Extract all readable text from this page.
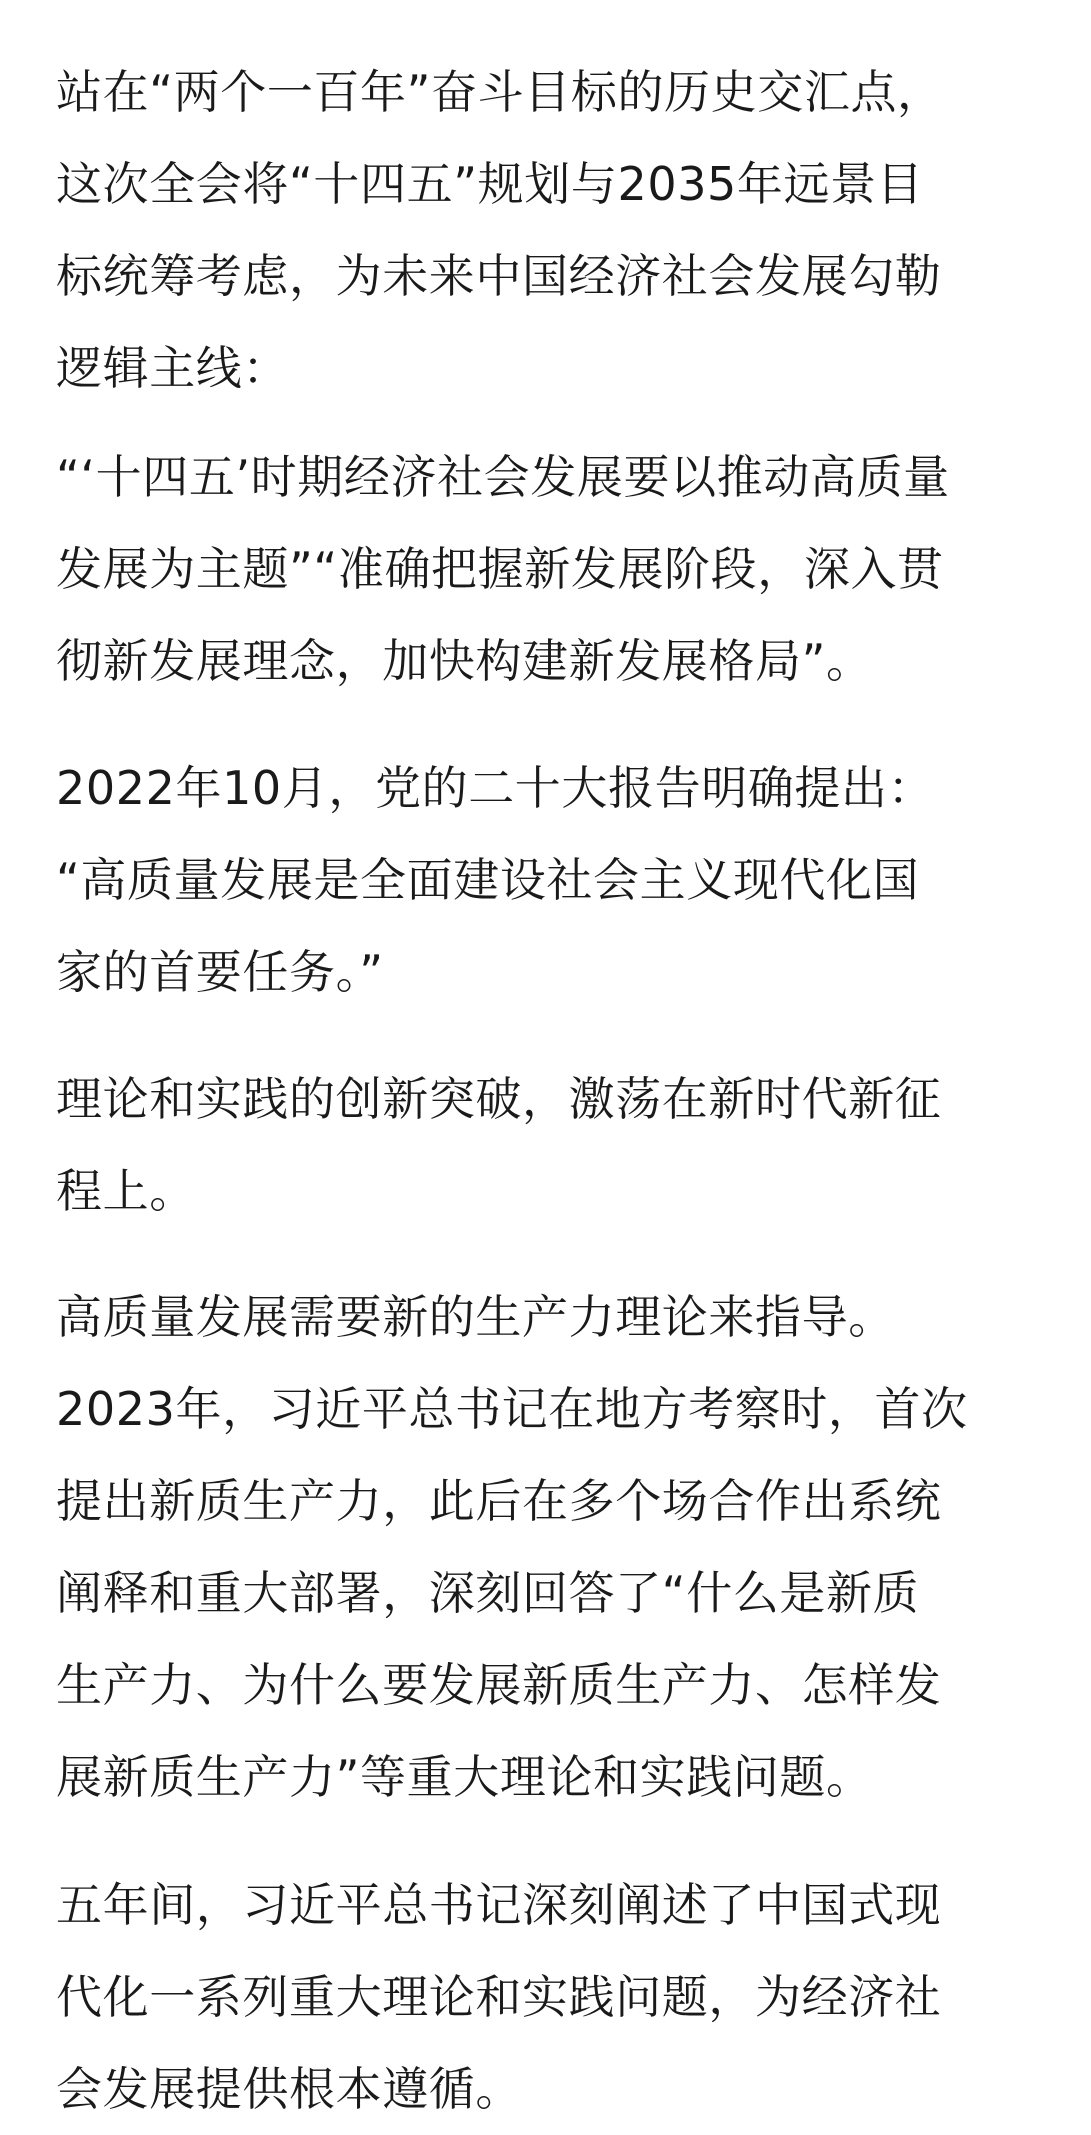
站在“两个一百年”奋斗目标的历史交汇点，
这次全会将“十四五”规划与2035年远景目
标统筹考虑，为未来中国经济社会发展勾勒
逻辑主线：
“‘十四五’时期经济社会发展要以推动高质量
发展为主题”“准确把握新发展阶段，深入贯
彻新发展理念，加快构建新发展格局”。
2022年10月，党的二十大报告明确提出：
“高质量发展是全面建设社会主义现代化国
家的首要任务。”
理论和实践的创新突破，激荡在新时代新征
程上。
高质量发展需要新的生产力理论来指导。
2023年，习近平总书记在地方考察时，首次
提出新质生产力，此后在多个场合作出系统
阐释和重大部署，深刻回答了“什么是新质
生产力、为什么要发展新质生产力、怎样发
展新质生产力”等重大理论和实践问题。
五年间，习近平总书记深刻阐述了中国式现
代化一系列重大理论和实践问题，为经济社
会发展提供根本遵循。
